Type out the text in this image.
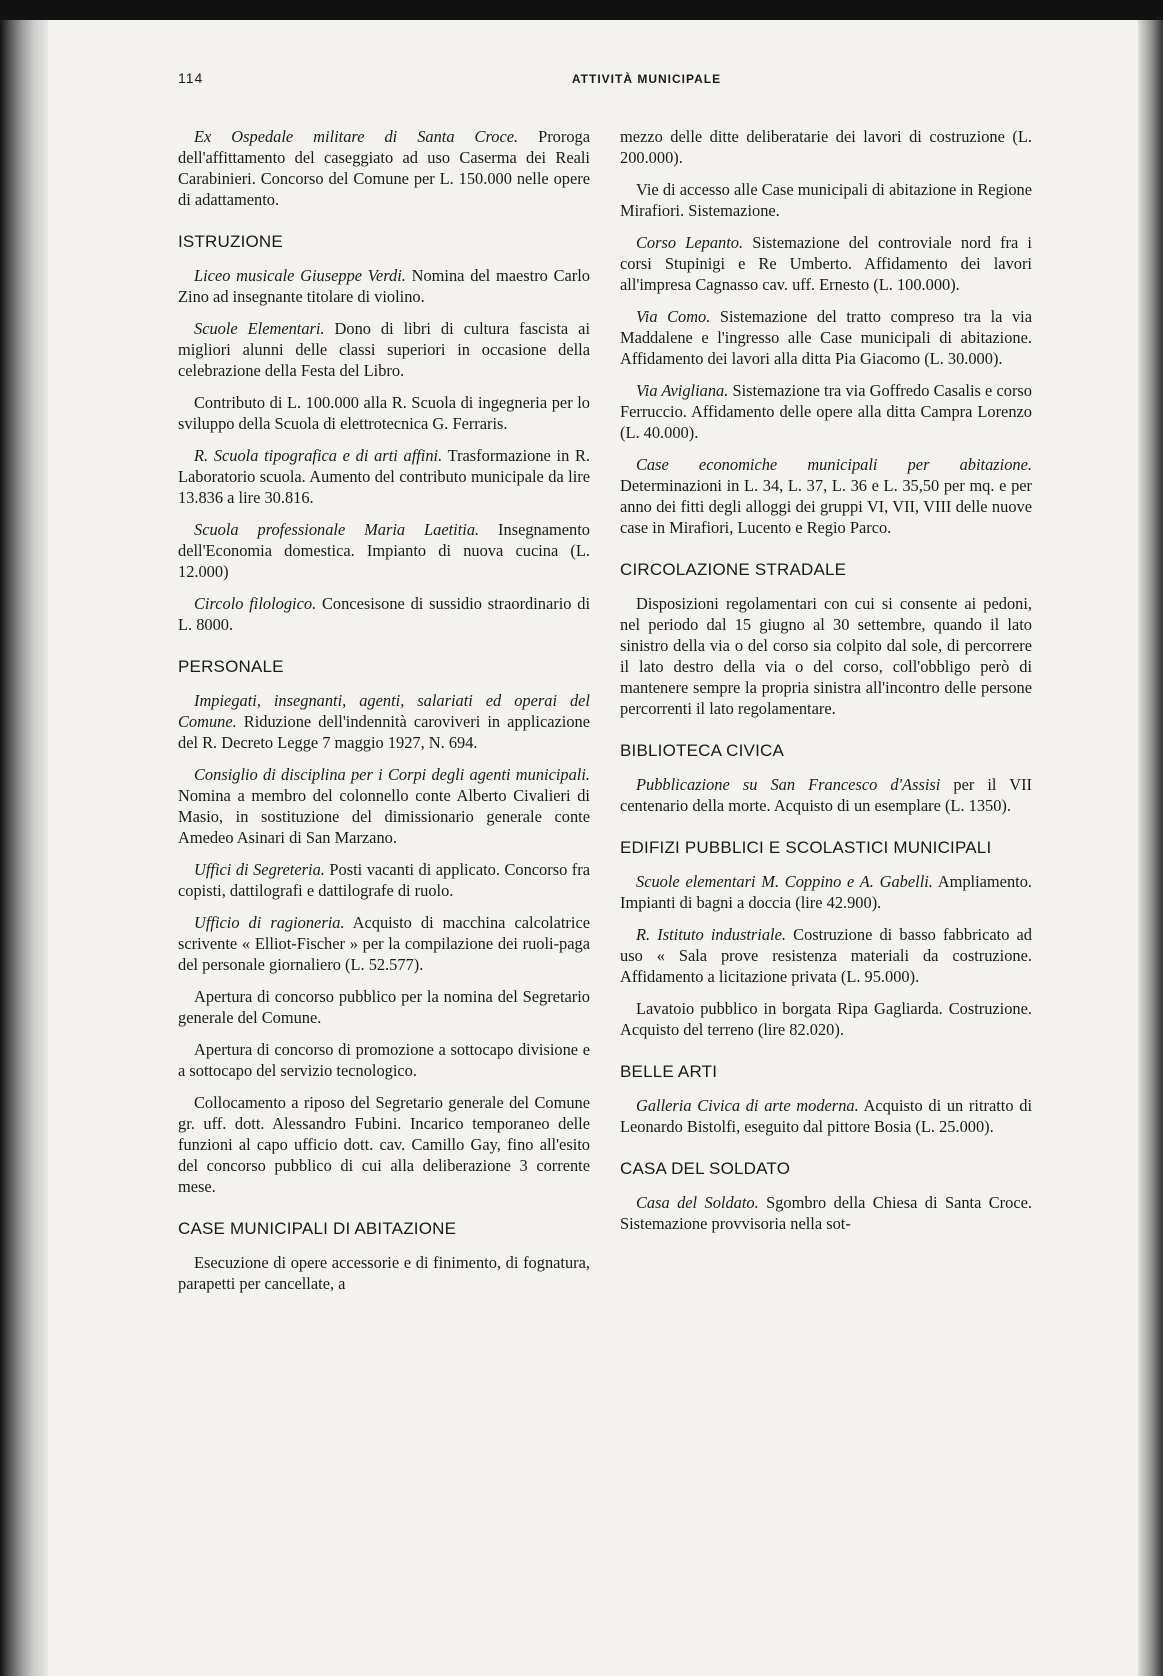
114	ATTIVITÀ MUNICIPALE

Ex Ospedale militare di Santa Croce. Proroga dell'affittamento del caseggiato ad uso Caserma dei Reali Carabinieri. Concorso del Comune per L. 150.000 nelle opere di adattamento.

ISTRUZIONE

Liceo musicale Giuseppe Verdi. Nomina del maestro Carlo Zino ad insegnante titolare di violino.

Scuole Elementari. Dono di libri di cultura fascista ai migliori alunni delle classi superiori in occasione della celebrazione della Festa del Libro.

Contributo di L. 100.000 alla R. Scuola di ingegneria per lo sviluppo della Scuola di elettrotecnica G. Ferraris.

R. Scuola tipografica e di arti affini. Trasformazione in R. Laboratorio scuola. Aumento del contributo municipale da lire 13.836 a lire 30.816.

Scuola professionale Maria Laetitia. Insegnamento dell'Economia domestica. Impianto di nuova cucina (L. 12.000)

Circolo filologico. Concesisone di sussidio straordinario di L. 8000.

PERSONALE

Impiegati, insegnanti, agenti, salariati ed operai del Comune. Riduzione dell'indennità caroviveri in applicazione del R. Decreto Legge 7 maggio 1927, N. 694.

Consiglio di disciplina per i Corpi degli agenti municipali. Nomina a membro del colonnello conte Alberto Civalieri di Masio, in sostituzione del dimissionario generale conte Amedeo Asinari di San Marzano.

Uffici di Segreteria. Posti vacanti di applicato. Concorso fra copisti, dattilografi e dattilografe di ruolo.

Ufficio di ragioneria. Acquisto di macchina calcolatrice scrivente « Elliot-Fischer » per la compilazione dei ruoli-paga del personale giornaliero (L. 52.577).

Apertura di concorso pubblico per la nomina del Segretario generale del Comune.

Apertura di concorso di promozione a sottocapo divisione e a sottocapo del servizio tecnologico.

Collocamento a riposo del Segretario generale del Comune gr. uff. dott. Alessandro Fubini. Incarico temporaneo delle funzioni al capo ufficio dott. cav. Camillo Gay, fino all'esito del concorso pubblico di cui alla deliberazione 3 corrente mese.

CASE MUNICIPALI DI ABITAZIONE

Esecuzione di opere accessorie e di finimento, di fognatura, parapetti per cancellate, a

mezzo delle ditte deliberatarie dei lavori di costruzione (L. 200.000).

Vie di accesso alle Case municipali di abitazione in Regione Mirafiori. Sistemazione.

Corso Lepanto. Sistemazione del controviale nord fra i corsi Stupinigi e Re Umberto. Affidamento dei lavori all'impresa Cagnasso cav. uff. Ernesto (L. 100.000).

Via Como. Sistemazione del tratto compreso tra la via Maddalene e l'ingresso alle Case municipali di abitazione. Affidamento dei lavori alla ditta Pia Giacomo (L. 30.000).

Via Avigliana. Sistemazione tra via Goffredo Casalis e corso Ferruccio. Affidamento delle opere alla ditta Campra Lorenzo (L. 40.000).

Case economiche municipali per abitazione. Determinazioni in L. 34, L. 37, L. 36 e L. 35,50 per mq. e per anno dei fitti degli alloggi dei gruppi VI, VII, VIII delle nuove case in Mirafiori, Lucento e Regio Parco.

CIRCOLAZIONE STRADALE

Disposizioni regolamentari con cui si consente ai pedoni, nel periodo dal 15 giugno al 30 settembre, quando il lato sinistro della via o del corso sia colpito dal sole, di percorrere il lato destro della via o del corso, coll'obbligo però di mantenere sempre la propria sinistra all'incontro delle persone percorrenti il lato regolamentare.

BIBLIOTECA CIVICA

Pubblicazione su San Francesco d'Assisi per il VII centenario della morte. Acquisto di un esemplare (L. 1350).

EDIFIZI PUBBLICI E SCOLASTICI MUNICIPALI

Scuole elementari M. Coppino e A. Gabelli. Ampliamento. Impianti di bagni a doccia (lire 42.900).

R. Istituto industriale. Costruzione di basso fabbricato ad uso « Sala prove resistenza materiali da costruzione. Affidamento a licitazione privata (L. 95.000).

Lavatoio pubblico in borgata Ripa Gagliarda. Costruzione. Acquisto del terreno (lire 82.020).

BELLE ARTI

Galleria Civica di arte moderna. Acquisto di un ritratto di Leonardo Bistolfi, eseguito dal pittore Bosia (L. 25.000).

CASA DEL SOLDATO

Casa del Soldato. Sgombro della Chiesa di Santa Croce. Sistemazione provvisoria nella sot-
